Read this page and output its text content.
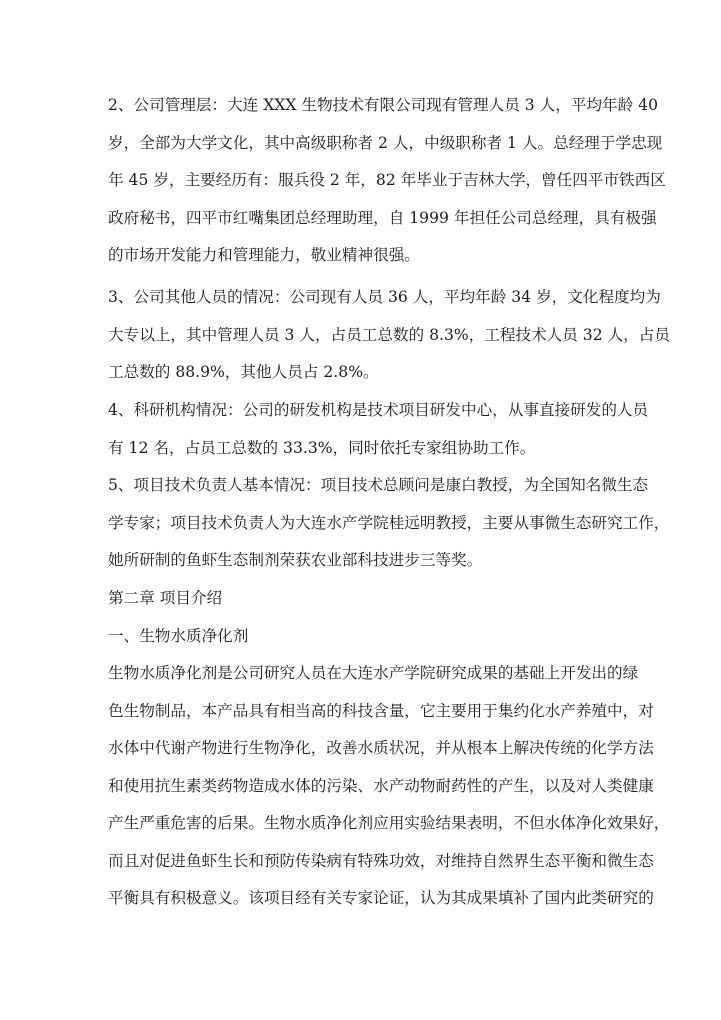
2、公司管理层：大连 XXX 生物技术有限公司现有管理人员 3 人，平均年龄 40
岁，全部为大学文化，其中高级职称者 2 人，中级职称者 1 人。总经理于学忠现
年 45 岁，主要经历有：服兵役 2 年，82 年毕业于吉林大学，曾任四平市铁西区
政府秘书，四平市红嘴集团总经理助理，自 1999 年担任公司总经理，具有极强
的市场开发能力和管理能力，敬业精神很强。
3、公司其他人员的情况：公司现有人员 36 人，平均年龄 34 岁，文化程度均为
大专以上，其中管理人员 3 人，占员工总数的 8.3%，工程技术人员 32 人，占员
工总数的 88.9%，其他人员占 2.8%。
4、科研机构情况：公司的研发机构是技术项目研发中心，从事直接研发的人员
有 12 名，占员工总数的 33.3%，同时依托专家组协助工作。
5、项目技术负责人基本情况：项目技术总顾问是康白教授，为全国知名微生态
学专家；项目技术负责人为大连水产学院桂远明教授，主要从事微生态研究工作，
她所研制的鱼虾生态制剂荣获农业部科技进步三等奖。
第二章 项目介绍
一、生物水质净化剂
生物水质净化剂是公司研究人员在大连水产学院研究成果的基础上开发出的绿
色生物制品，本产品具有相当高的科技含量，它主要用于集约化水产养殖中，对
水体中代谢产物进行生物净化，改善水质状况，并从根本上解决传统的化学方法
和使用抗生素类药物造成水体的污染、水产动物耐药性的产生，以及对人类健康
产生严重危害的后果。生物水质净化剂应用实验结果表明，不但水体净化效果好，
而且对促进鱼虾生长和预防传染病有特殊功效，对维持自然界生态平衡和微生态
平衡具有积极意义。该项目经有关专家论证，认为其成果填补了国内此类研究的
